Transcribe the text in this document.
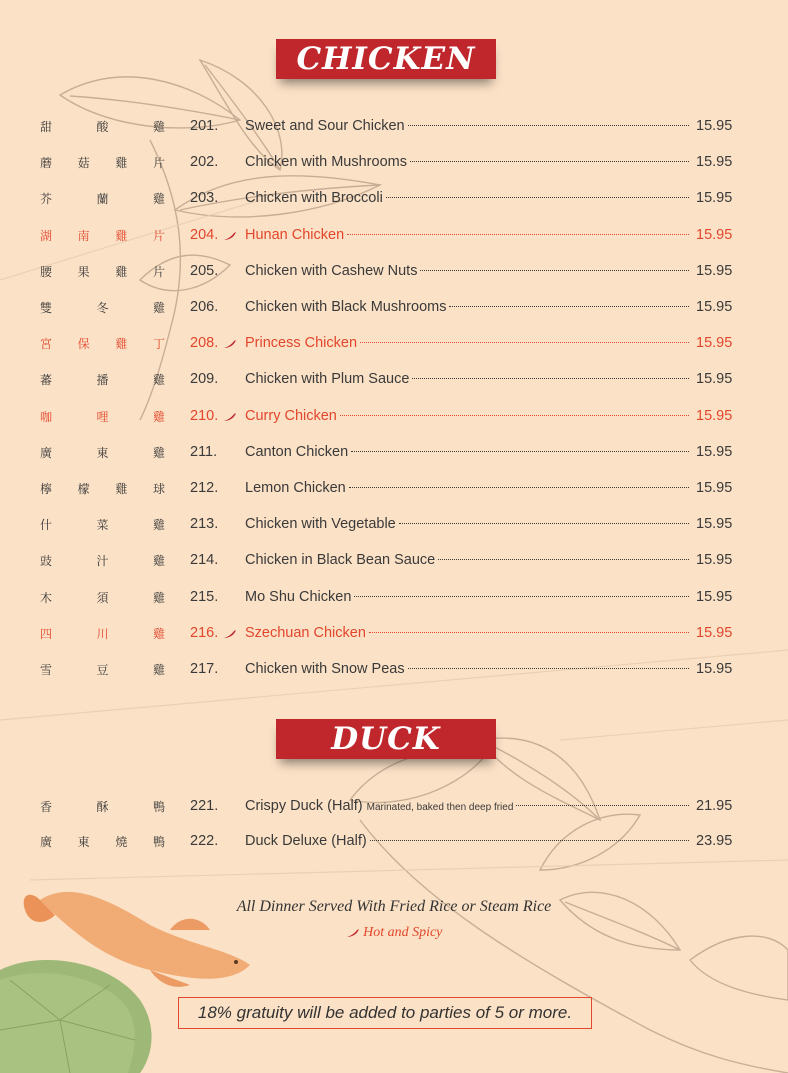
CHICKEN
甜	酸	雞 201. Sweet and Sour Chicken	15.95
蘑 菇 雞 片 202. Chicken with Mushrooms	15.95
芥	蘭	雞 203. Chicken with Broccoli	15.95
湖 南 雞 片 204. Hunan Chicken	15.95
腰 果 雞 片 205. Chicken with Cashew Nuts	15.95
雙	冬	雞 206. Chicken with Black Mushrooms	15.95
宮 保 雞 丁 208. Princess Chicken	15.95
蕃	播	雞 209. Chicken with Plum Sauce	15.95
咖	哩	雞 210. Curry Chicken	15.95
廣	東	雞 211. Canton Chicken	15.95
檸 檬 雞 球 212. Lemon Chicken	15.95
什	菜	雞 213. Chicken with Vegetable	15.95
豉	汁	雞 214. Chicken in Black Bean Sauce	15.95
木	須	雞 215. Mo Shu Chicken	15.95
四	川	雞 216. Szechuan Chicken	15.95
雪	豆	雞 217. Chicken with Snow Peas	15.95
DUCK
香	酥	鴨 221. Crispy Duck (Half) Marinated, baked then deep fried	21.95
廣 東 燒 鴨 222. Duck Deluxe (Half)	23.95
All Dinner Served With Fried Rice or Steam Rice
Hot and Spicy
18% gratuity will be added to parties of 5 or more.
